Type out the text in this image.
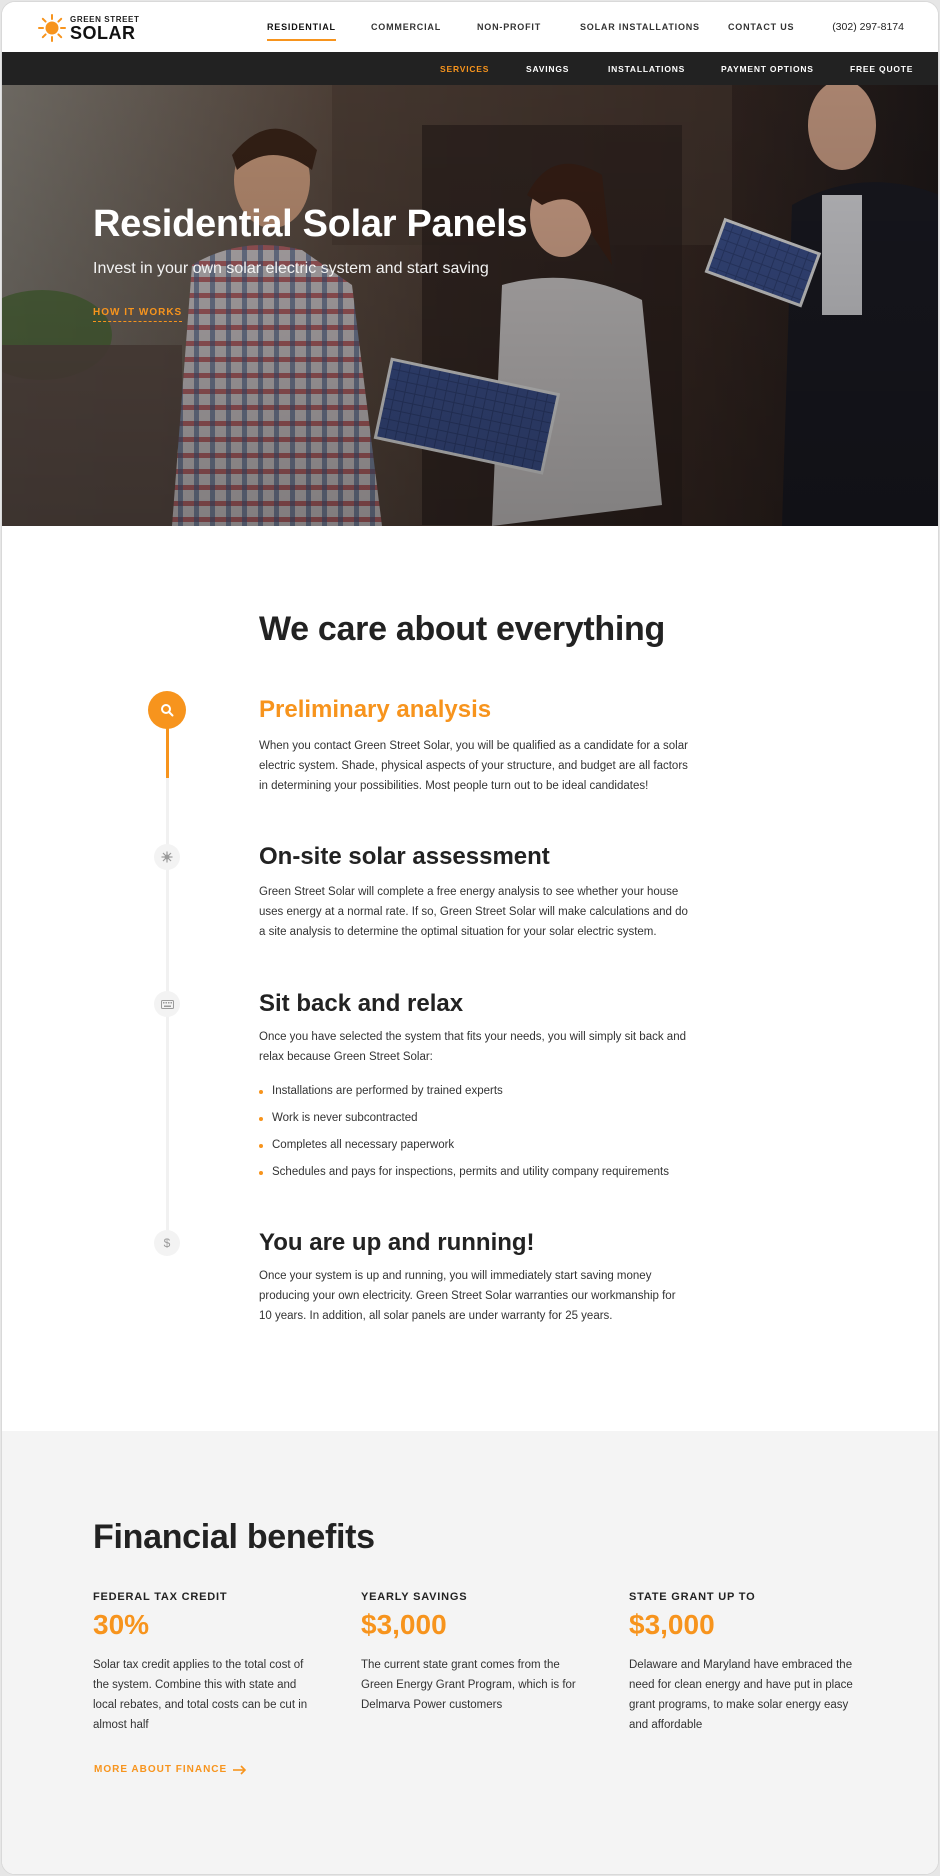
GREEN STREET
SOLAR	RESIDENTIAL	COMMERCIAL	NON-PROFIT	SOLAR INSTALLATIONS	CONTACT US	(302) 297-8174
SERVICES	SAVINGS	INSTALLATIONS	PAYMENT OPTIONS	FREE QUOTE
Residential Solar Panels
Invest in your own solar electric system and start saving
HOW IT WORKS
We care about everything
Preliminary analysis
When you contact Green Street Solar, you will be qualified as a candidate for a solar electric system. Shade, physical aspects of your structure, and budget are all factors in determining your possibilities. Most people turn out to be ideal candidates!
On-site solar assessment
Green Street Solar will complete a free energy analysis to see whether your house uses energy at a normal rate. If so, Green Street Solar will make calculations and do a site analysis to determine the optimal situation for your solar electric system.
Sit back and relax
Once you have selected the system that fits your needs, you will simply sit back and relax because Green Street Solar:
Installations are performed by trained experts
Work is never subcontracted
Completes all necessary paperwork
Schedules and pays for inspections, permits and utility company requirements
$	You are up and running!
Once your system is up and running, you will immediately start saving money producing your own electricity. Green Street Solar warranties our workmanship for 10 years. In addition, all solar panels are under warranty for 25 years.
Financial benefits
FEDERAL TAX CREDIT
30%
Solar tax credit applies to the total cost of the system. Combine this with state and local rebates, and total costs can be cut in almost half
YEARLY SAVINGS
$3,000
The current state grant comes from the Green Energy Grant Program, which is for Delmarva Power customers
STATE GRANT UP TO
$3,000
Delaware and Maryland have embraced the need for clean energy and have put in place grant programs, to make solar energy easy and affordable
MORE ABOUT FINANCE
